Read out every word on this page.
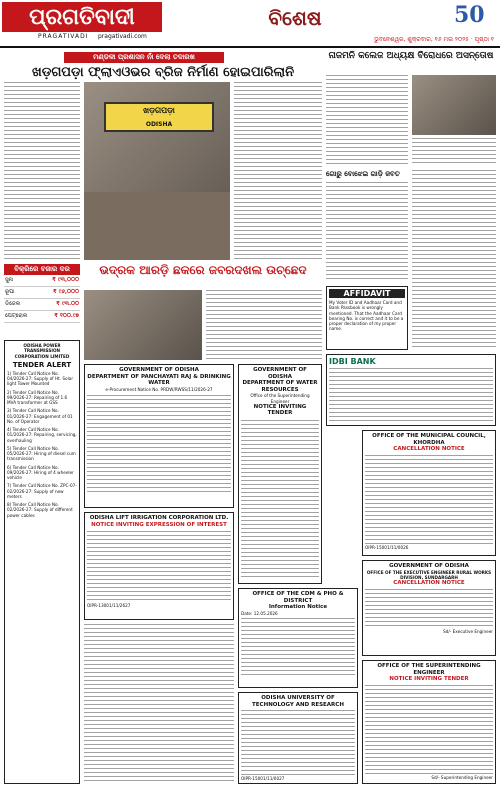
ପ୍ରଗତିବାଦୀ
PRAGATIVADI pragativadi.com
ବିଶେଷ	50
ଭୁବନେଶ୍ୱର, ଶୁକ୍ରବାର, ୧୬ ମଇ ୨୦୨୫ · ପୃଷ୍ଠା ୧
ମଣ୍ଡଳୀ ପ୍ରଶାସନ ନାଁ ଦେଲା ତଦାରଖ
ଖଡ଼ଗପଡ଼ା ଫ୍ଲାଏଓଭର ବ୍ରିଜ ନିର୍ମାଣ ହୋଇପାରିଲାନି
ଖଡ଼ଗପଡ଼ା
ODISHA
ନାଜମନି କଲେଜ ଅଧ୍ୟକ୍ଷ ବିରୋଧରେ ଅସନ୍ତୋଷ
ଗୋରୁ ବୋଝେଇ ଗାଡ଼ି ଜବତ
AFFIDAVIT
My Voter ID and Aadhaar Card and Bank Passbook is wrongly mentioned. That the Aadhaar Card bearing No. is correct and it to be a proper declaration of my proper name.
ବିକ୍ରିରେ ବଜାର ଦର
ସୁନା	₹ ୯୩,୦୦୦
ରୂପା	₹ ୯୬,୦୦୦
ଡିଜେଲ	₹ ୯୩.୦୦
ପେଟ୍ରୋଲ	₹ ୧୦୦.୯୭
ଭଦ୍ରକ ଆରଡ଼ି ଛକରେ ଜବରଦଖଲ ଉଚ୍ଛେଦ
ODISHA POWER TRANSMISSION CORPORATION LIMITED
TENDER ALERT
1) Tender Call Notice No. 04/2026-27: Supply of Ht. Solar light Tower Mounted
2) Tender Call Notice No. 99/2026-27: Repairing of 1.6 MVA transformer at GSS
3) Tender Call Notice No. 01/2026-27: Engagement of 01 No. of Operator
4) Tender Call Notice No. 01/2026-27: Repairing, servicing, overhauling
5) Tender Call Notice No. 05/2026-27: Hiring of diesel cum transmission
6) Tender Call Notice No. 09/2026-27: Hiring of 4 wheeler vehicle
7) Tender Call Notice No. ZPC-07-02/2026-27: Supply of new meters
8) Tender Call Notice No. 02/2026-27: Supply of different power cables
GOVERNMENT OF ODISHA
DEPARTMENT OF PANCHAYATI RAJ & DRINKING WATER
e-Procurement Notice No. PRDW/RWSS/11/2026-27
ODISHA LIFT IRRIGATION CORPORATION LTD.
NOTICE INVITING EXPRESSION OF INTEREST
OIPR-13001/11/2627
GOVERNMENT OF ODISHA
DEPARTMENT OF WATER RESOURCES
Office of the Superintending Engineer
NOTICE INVITING TENDER
IDBI BANK
OFFICE OF THE CDM & PHO & DISTRICT
Information Notice
Date: 12.05.2026
ODISHA UNIVERSITY OF TECHNOLOGY AND RESEARCH
OIPR-15001/11/0027
OFFICE OF THE MUNICIPAL COUNCIL, KHORDHA
CANCELLATION NOTICE
OIPR-15001/11/0026
GOVERNMENT OF ODISHA
OFFICE OF THE EXECUTIVE ENGINEER RURAL WORKS DIVISION, SUNDARGARH
CANCELLATION NOTICE
Sd/- Executive Engineer
OFFICE OF THE SUPERINTENDING ENGINEER
NOTICE INVITING TENDER
Sd/- Superintending Engineer
